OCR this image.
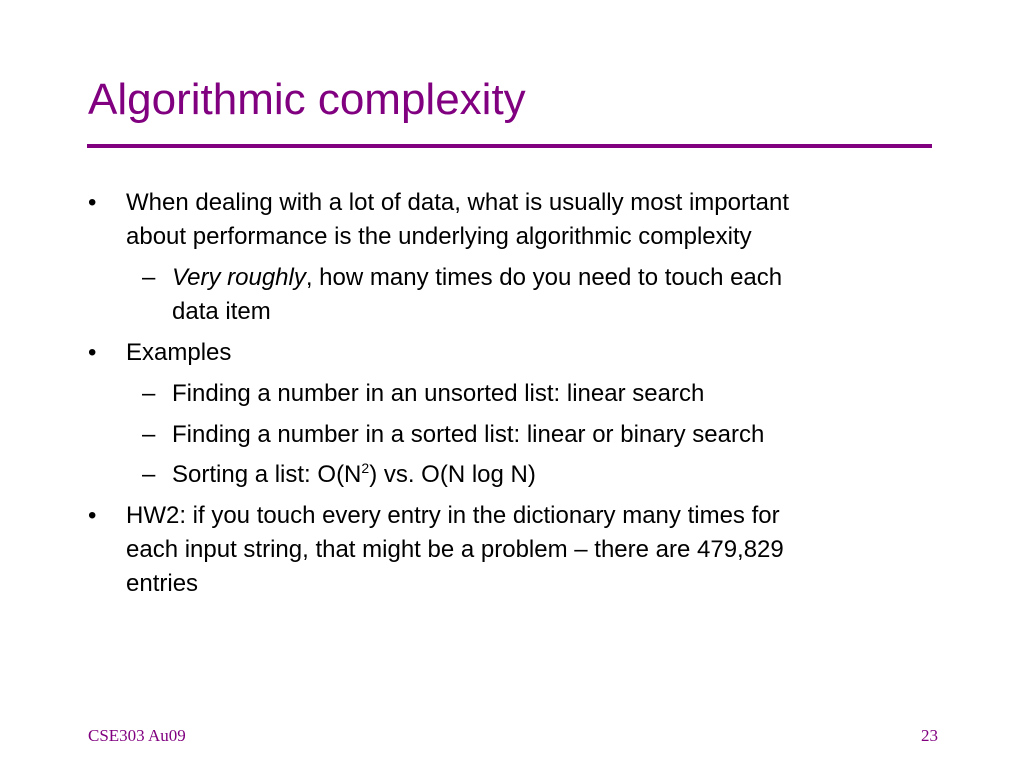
Algorithmic complexity
• When dealing with a lot of data, what is usually most important
about performance is the underlying algorithmic complexity
– Very roughly, how many times do you need to touch each
data item
• Examples
– Finding a number in an unsorted list: linear search
– Finding a number in a sorted list: linear or binary search
– Sorting a list: $O(N^2)$ vs. O(N log N)
• HW2: if you touch every entry in the dictionary many times for
each input string, that might be a problem – there are 479,829
entries
CSE303 Au09	23
